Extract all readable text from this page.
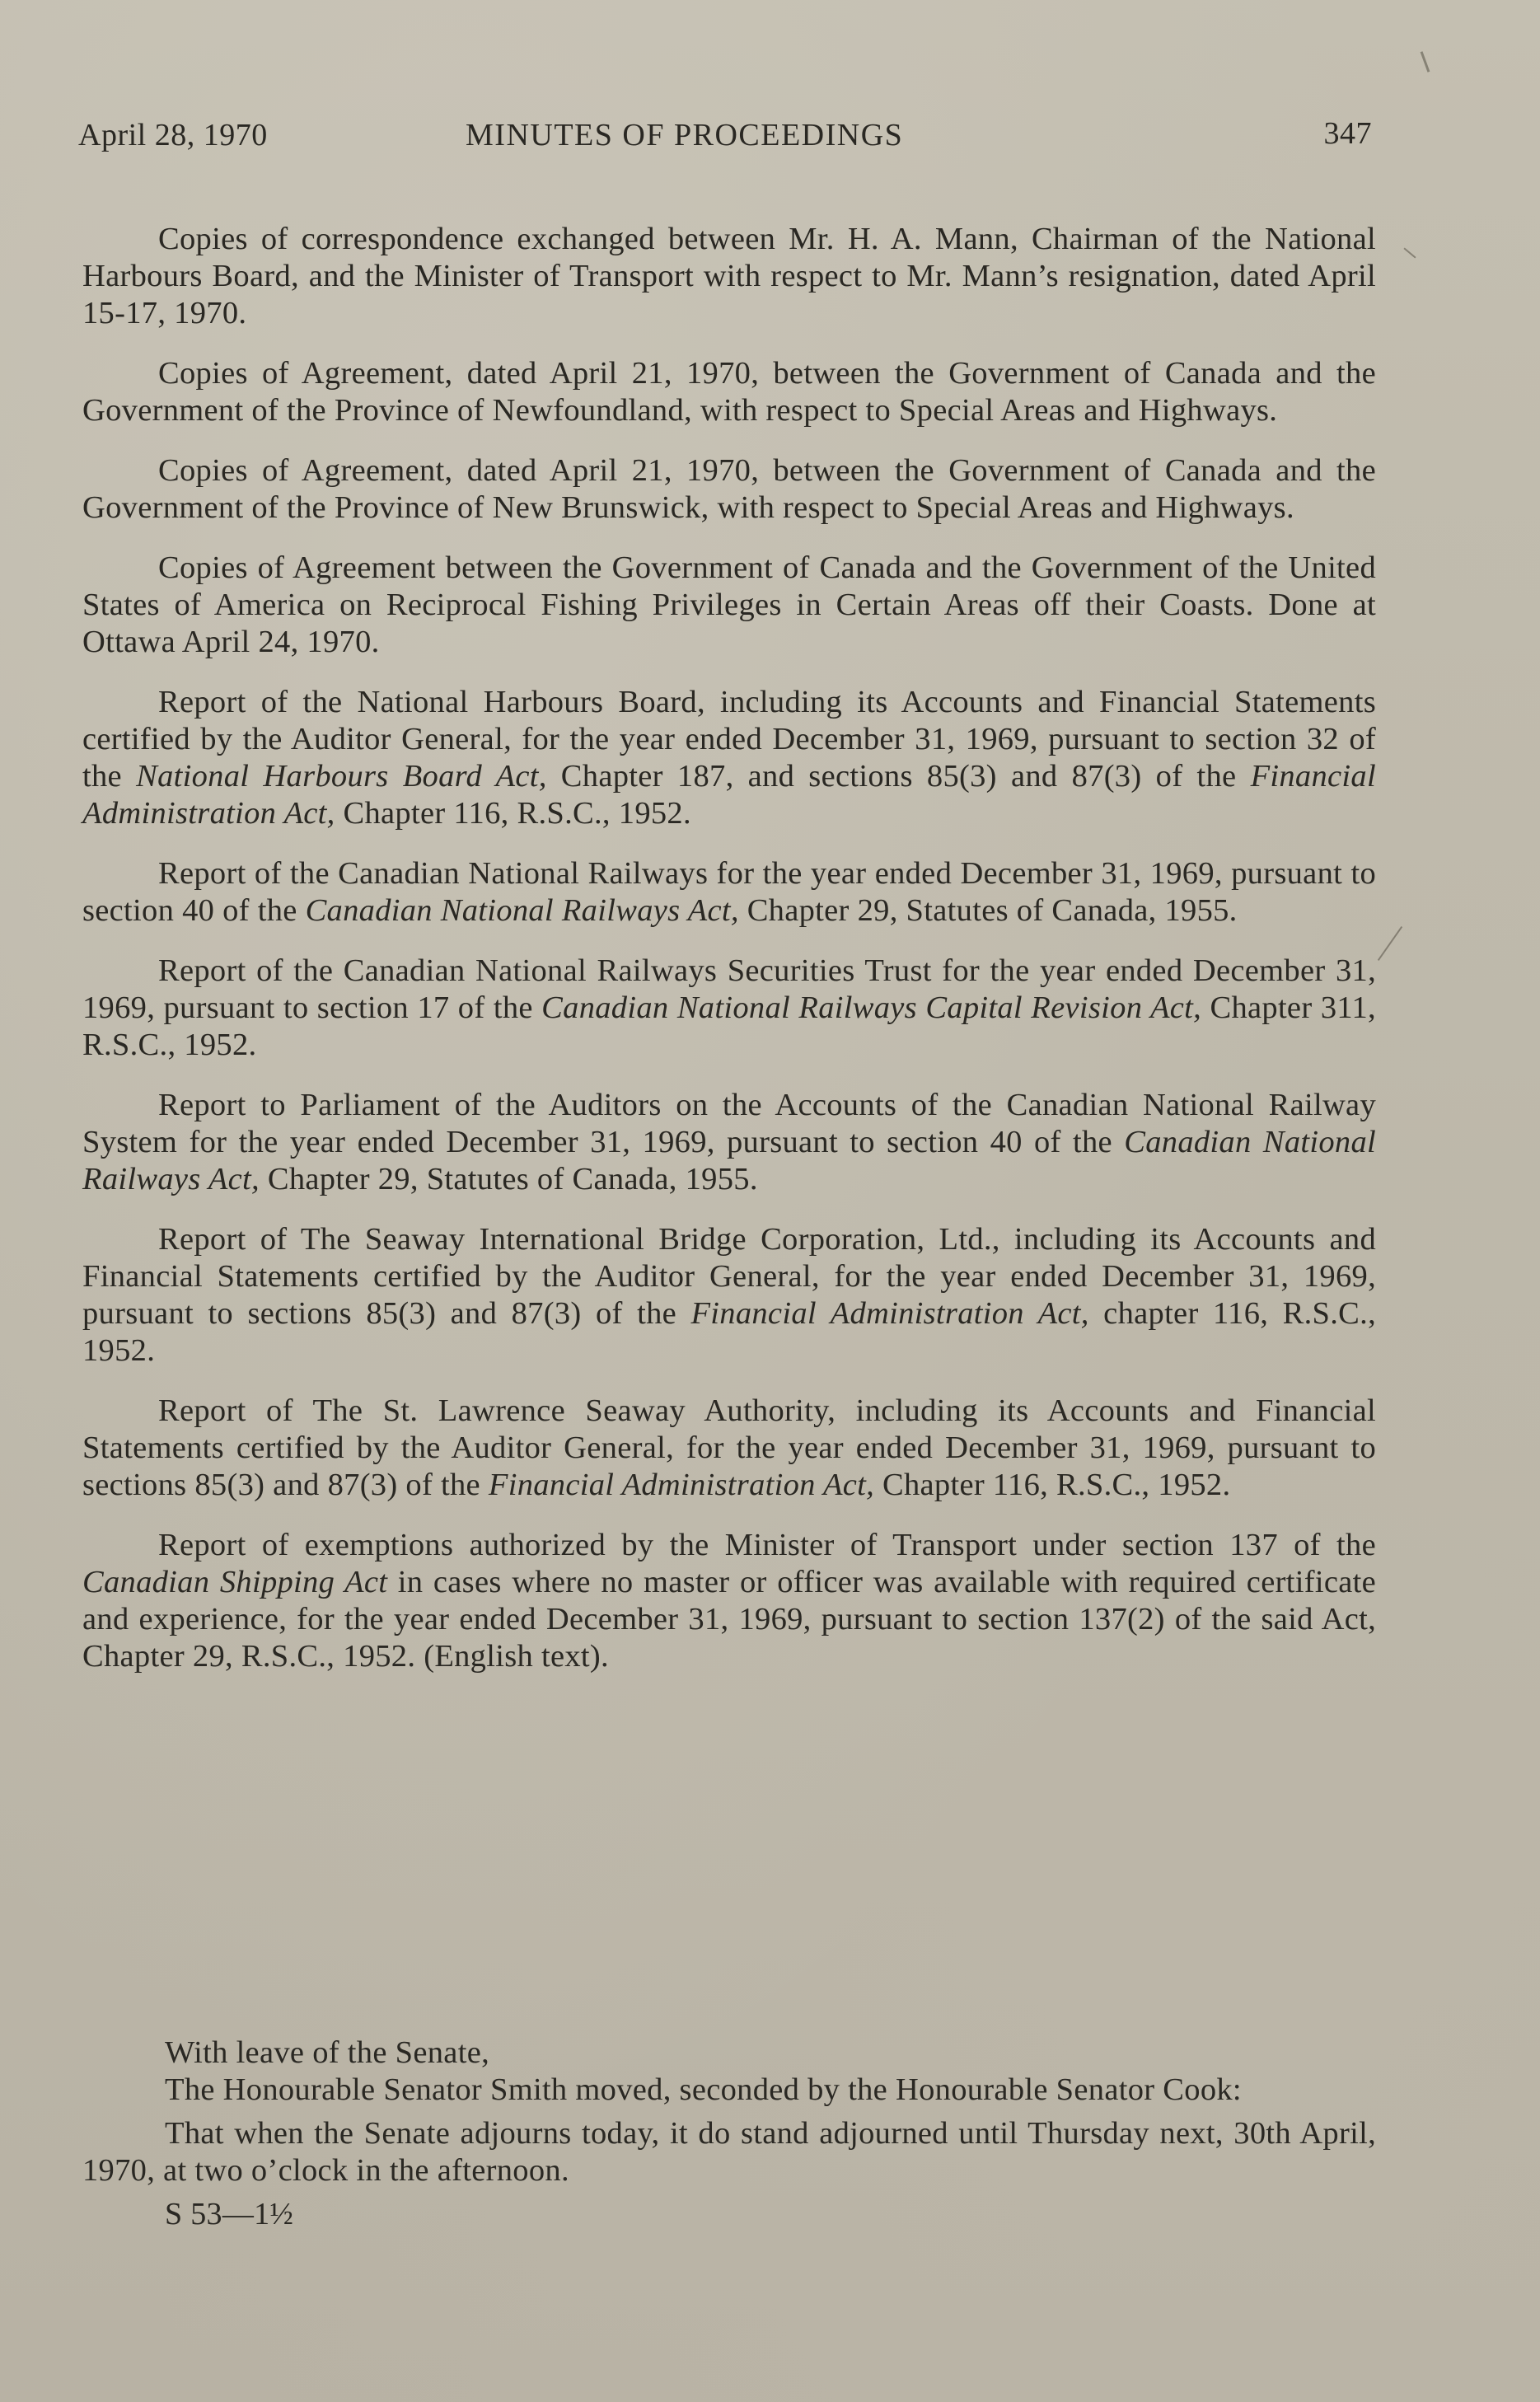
April 28, 1970	MINUTES OF PROCEEDINGS	347

Copies of correspondence exchanged between Mr. H. A. Mann, Chairman of the National Harbours Board, and the Minister of Transport with respect to Mr. Mann’s resignation, dated April 15-17, 1970.

Copies of Agreement, dated April 21, 1970, between the Government of Canada and the Government of the Province of Newfoundland, with respect to Special Areas and Highways.

Copies of Agreement, dated April 21, 1970, between the Government of Canada and the Government of the Province of New Brunswick, with respect to Special Areas and Highways.

Copies of Agreement between the Government of Canada and the Government of the United States of America on Reciprocal Fishing Privileges in Certain Areas off their Coasts. Done at Ottawa April 24, 1970.

Report of the National Harbours Board, including its Accounts and Financial Statements certified by the Auditor General, for the year ended December 31, 1969, pursuant to section 32 of the National Harbours Board Act, Chapter 187, and sections 85(3) and 87(3) of the Financial Administration Act, Chapter 116, R.S.C., 1952.

Report of the Canadian National Railways for the year ended December 31, 1969, pursuant to section 40 of the Canadian National Railways Act, Chapter 29, Statutes of Canada, 1955.

Report of the Canadian National Railways Securities Trust for the year ended December 31, 1969, pursuant to section 17 of the Canadian National Railways Capital Revision Act, Chapter 311, R.S.C., 1952.

Report to Parliament of the Auditors on the Accounts of the Canadian National Railway System for the year ended December 31, 1969, pursuant to section 40 of the Canadian National Railways Act, Chapter 29, Statutes of Canada, 1955.

Report of The Seaway International Bridge Corporation, Ltd., including its Accounts and Financial Statements certified by the Auditor General, for the year ended December 31, 1969, pursuant to sections 85(3) and 87(3) of the Financial Administration Act, chapter 116, R.S.C., 1952.

Report of The St. Lawrence Seaway Authority, including its Accounts and Financial Statements certified by the Auditor General, for the year ended December 31, 1969, pursuant to sections 85(3) and 87(3) of the Financial Administration Act, Chapter 116, R.S.C., 1952.

Report of exemptions authorized by the Minister of Transport under section 137 of the Canadian Shipping Act in cases where no master or officer was available with required certificate and experience, for the year ended December 31, 1969, pursuant to section 137(2) of the said Act, Chapter 29, R.S.C., 1952. (English text).

With leave of the Senate,

The Honourable Senator Smith moved, seconded by the Honourable Senator Cook:

That when the Senate adjourns today, it do stand adjourned until Thursday next, 30th April, 1970, at two o’clock in the afternoon.

S 53—1½
